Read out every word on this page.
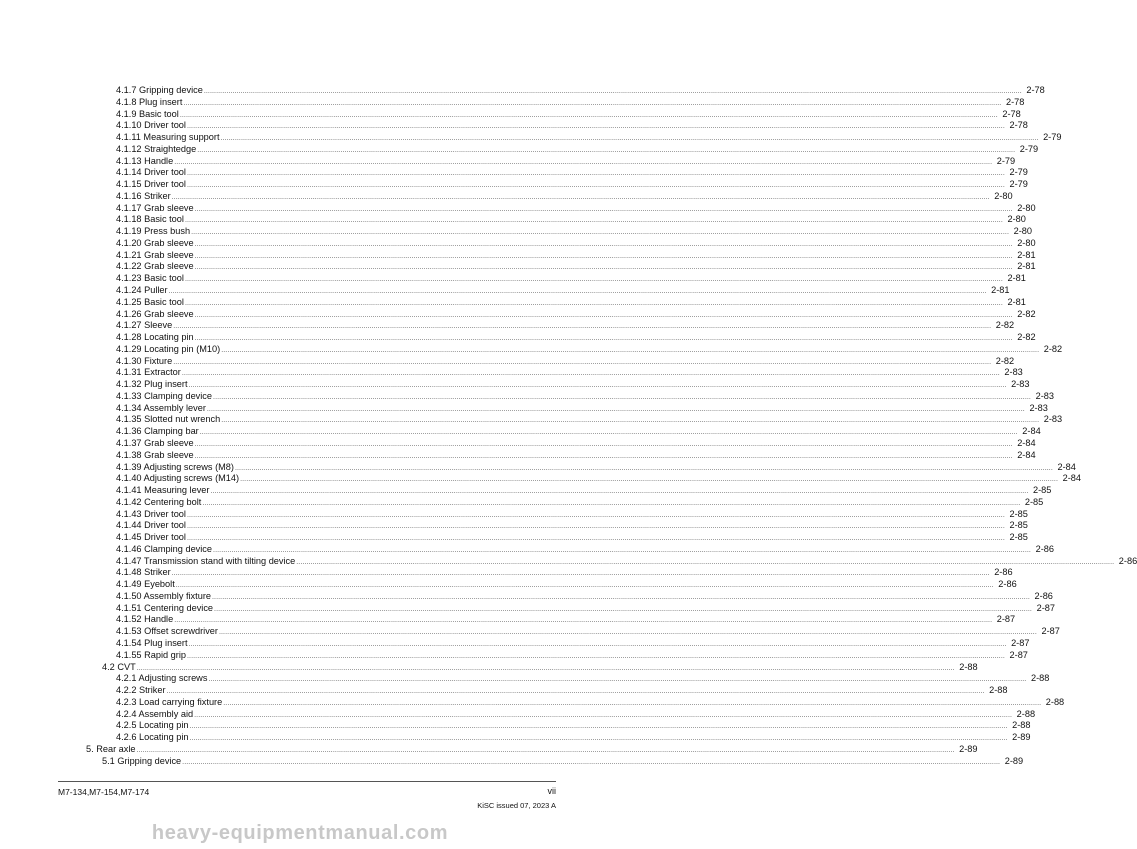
4.1.7 Gripping device ................................................................................................................................................................................................................................................................................................................................................................................................................ 2-78
4.1.8 Plug insert ................................................................................................................................................................................................................................................................................................................................................................................................................ 2-78
4.1.9 Basic tool ................................................................................................................................................................................................................................................................................................................................................................................................................ 2-78
4.1.10 Driver tool ................................................................................................................................................................................................................................................................................................................................................................................................................ 2-78
4.1.11 Measuring support ................................................................................................................................................................................................................................................................................................................................................................................................................ 2-79
4.1.12 Straightedge ................................................................................................................................................................................................................................................................................................................................................................................................................ 2-79
4.1.13 Handle ................................................................................................................................................................................................................................................................................................................................................................................................................ 2-79
4.1.14 Driver tool ................................................................................................................................................................................................................................................................................................................................................................................................................ 2-79
4.1.15 Driver tool ................................................................................................................................................................................................................................................................................................................................................................................................................ 2-79
4.1.16 Striker ................................................................................................................................................................................................................................................................................................................................................................................................................ 2-80
4.1.17 Grab sleeve ................................................................................................................................................................................................................................................................................................................................................................................................................ 2-80
4.1.18 Basic tool ................................................................................................................................................................................................................................................................................................................................................................................................................ 2-80
4.1.19 Press bush ................................................................................................................................................................................................................................................................................................................................................................................................................ 2-80
4.1.20 Grab sleeve ................................................................................................................................................................................................................................................................................................................................................................................................................ 2-80
4.1.21 Grab sleeve ................................................................................................................................................................................................................................................................................................................................................................................................................ 2-81
4.1.22 Grab sleeve ................................................................................................................................................................................................................................................................................................................................................................................................................ 2-81
4.1.23 Basic tool ................................................................................................................................................................................................................................................................................................................................................................................................................ 2-81
4.1.24 Puller ................................................................................................................................................................................................................................................................................................................................................................................................................ 2-81
4.1.25 Basic tool ................................................................................................................................................................................................................................................................................................................................................................................................................ 2-81
4.1.26 Grab sleeve ................................................................................................................................................................................................................................................................................................................................................................................................................ 2-82
4.1.27 Sleeve ................................................................................................................................................................................................................................................................................................................................................................................................................ 2-82
4.1.28 Locating pin ................................................................................................................................................................................................................................................................................................................................................................................................................ 2-82
4.1.29 Locating pin (M10) ................................................................................................................................................................................................................................................................................................................................................................................................................ 2-82
4.1.30 Fixture ................................................................................................................................................................................................................................................................................................................................................................................................................ 2-82
4.1.31 Extractor ................................................................................................................................................................................................................................................................................................................................................................................................................ 2-83
4.1.32 Plug insert ................................................................................................................................................................................................................................................................................................................................................................................................................ 2-83
4.1.33 Clamping device ................................................................................................................................................................................................................................................................................................................................................................................................................ 2-83
4.1.34 Assembly lever ................................................................................................................................................................................................................................................................................................................................................................................................................ 2-83
4.1.35 Slotted nut wrench ................................................................................................................................................................................................................................................................................................................................................................................................................ 2-83
4.1.36 Clamping bar ................................................................................................................................................................................................................................................................................................................................................................................................................ 2-84
4.1.37 Grab sleeve ................................................................................................................................................................................................................................................................................................................................................................................................................ 2-84
4.1.38 Grab sleeve ................................................................................................................................................................................................................................................................................................................................................................................................................ 2-84
4.1.39 Adjusting screws (M8) ................................................................................................................................................................................................................................................................................................................................................................................................................ 2-84
4.1.40 Adjusting screws (M14) ................................................................................................................................................................................................................................................................................................................................................................................................................ 2-84
4.1.41 Measuring lever ................................................................................................................................................................................................................................................................................................................................................................................................................ 2-85
4.1.42 Centering bolt ................................................................................................................................................................................................................................................................................................................................................................................................................ 2-85
4.1.43 Driver tool ................................................................................................................................................................................................................................................................................................................................................................................................................ 2-85
4.1.44 Driver tool ................................................................................................................................................................................................................................................................................................................................................................................................................ 2-85
4.1.45 Driver tool ................................................................................................................................................................................................................................................................................................................................................................................................................ 2-85
4.1.46 Clamping device ................................................................................................................................................................................................................................................................................................................................................................................................................ 2-86
4.1.47 Transmission stand with tilting device ................................................................................................................................................................................................................................................................................................................................................................................................................ 2-86
4.1.48 Striker ................................................................................................................................................................................................................................................................................................................................................................................................................ 2-86
4.1.49 Eyebolt ................................................................................................................................................................................................................................................................................................................................................................................................................ 2-86
4.1.50 Assembly fixture ................................................................................................................................................................................................................................................................................................................................................................................................................ 2-86
4.1.51 Centering device ................................................................................................................................................................................................................................................................................................................................................................................................................ 2-87
4.1.52 Handle ................................................................................................................................................................................................................................................................................................................................................................................................................ 2-87
4.1.53 Offset screwdriver ................................................................................................................................................................................................................................................................................................................................................................................................................ 2-87
4.1.54 Plug insert ................................................................................................................................................................................................................................................................................................................................................................................................................ 2-87
4.1.55 Rapid grip ................................................................................................................................................................................................................................................................................................................................................................................................................ 2-87
4.2 CVT ................................................................................................................................................................................................................................................................................................................................................................................................................ 2-88
4.2.1 Adjusting screws ................................................................................................................................................................................................................................................................................................................................................................................................................ 2-88
4.2.2 Striker ................................................................................................................................................................................................................................................................................................................................................................................................................ 2-88
4.2.3 Load carrying fixture ................................................................................................................................................................................................................................................................................................................................................................................................................ 2-88
4.2.4 Assembly aid ................................................................................................................................................................................................................................................................................................................................................................................................................ 2-88
4.2.5 Locating pin ................................................................................................................................................................................................................................................................................................................................................................................................................ 2-88
4.2.6 Locating pin ................................................................................................................................................................................................................................................................................................................................................................................................................ 2-89
5. Rear axle ................................................................................................................................................................................................................................................................................................................................................................................................................ 2-89
5.1 Gripping device ................................................................................................................................................................................................................................................................................................................................................................................................................ 2-89
M7-134,M7-154,M7-174	vii
KiSC issued 07, 2023 A
heavy-equipmentmanual.com
